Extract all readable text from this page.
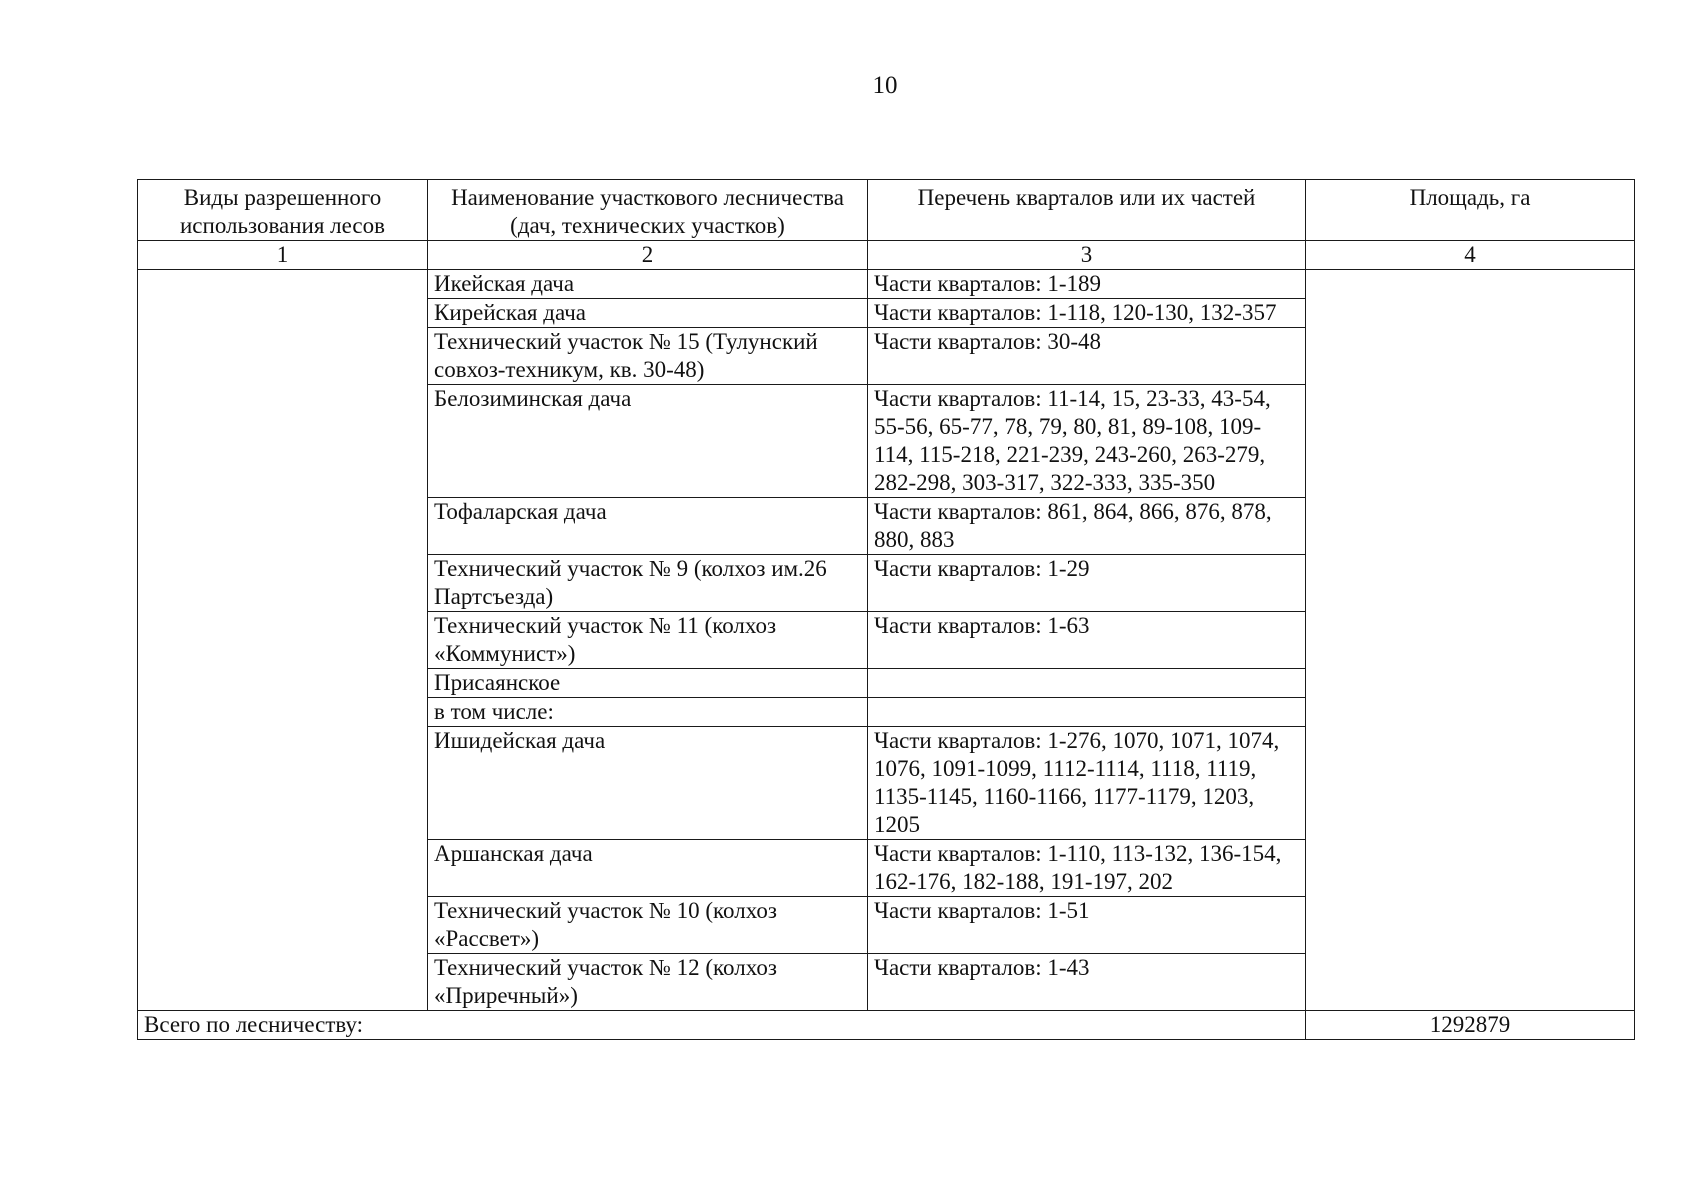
10
Виды разрешенного использования лесов	Наименование участкового лесничества (дач, технических участков)	Перечень кварталов или их частей	Площадь, га
1	2	3	4
	Икейская дача	Части кварталов: 1-189	
	Кирейская дача	Части кварталов: 1-118, 120-130, 132-357	
	Технический участок № 15 (Тулунский совхоз-техникум, кв. 30-48)	Части кварталов: 30-48	
	Белозиминская дача	Части кварталов: 11-14, 15, 23-33, 43-54, 55-56, 65-77, 78, 79, 80, 81, 89-108, 109-114, 115-218, 221-239, 243-260, 263-279, 282-298, 303-317, 322-333, 335-350	
	Тофаларская дача	Части кварталов: 861, 864, 866, 876, 878, 880, 883	
	Технический участок № 9 (колхоз им.26 Партсъезда)	Части кварталов: 1-29	
	Технический участок № 11 (колхоз «Коммунист»)	Части кварталов: 1-63	
	Присаянское		
	в том числе:		
	Ишидейская дача	Части кварталов: 1-276, 1070, 1071, 1074, 1076, 1091-1099, 1112-1114, 1118, 1119, 1135-1145, 1160-1166, 1177-1179, 1203, 1205	
	Аршанская дача	Части кварталов: 1-110, 113-132, 136-154, 162-176, 182-188, 191-197, 202	
	Технический участок № 10 (колхоз «Рассвет»)	Части кварталов: 1-51	
	Технический участок № 12 (колхоз «Приречный»)	Части кварталов: 1-43	
Всего по лесничеству:			1292879
